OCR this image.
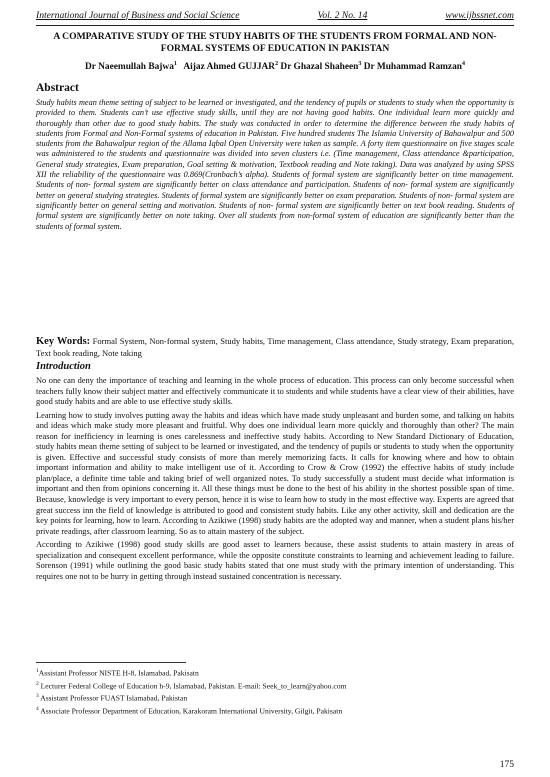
International Journal of Business and Social Science	Vol. 2 No. 14	www.ijbssnet.com
A COMPARATIVE STUDY OF THE STUDY HABITS OF THE STUDENTS FROM FORMAL AND NON-FORMAL SYSTEMS OF EDUCATION IN PAKISTAN
Dr Naeemullah Bajwa$^1$ Aijaz Ahmed GUJJAR$^2$ Dr Ghazal Shaheen$^3$ Dr Muhammad Ramzan$^4$
Abstract
Study habits mean theme setting of subject to be learned or investigated, and the tendency of pupils or students to study when the opportunity is provided to them. Students can’t use effective study skills, until they are not having good habits. One individual learn more quickly and thoroughly than other due to good study habits. The study was conducted in order to determine the difference between the study habits of students from Formal and Non-Formal systems of education in Pakistan. Five hundred students The Islamia University of Bahawalpur and 500 students from the Bahawalpur region of the Allama Iqbal Open University were taken as sample. A forty item questionnaire on five stages scale was administered to the students and questionnaire was divided into seven clusters i.e. (Time management, Class attendance &participation, General study strategies, Exam preparation, Goal setting & motivation, Textbook reading and Note taking). Data was analyzed by using SPSS XII the reliability of the questionnaire was 0.869(Cronbach’s alpha). Students of formal system are significantly better on time management. Students of non- formal system are significantly better on class attendance and participation. Students of non- formal system are significantly better on general studying strategies. Students of formal system are significantly better on exam preparation. Students of non- formal system are significantly better on general setting and motivation. Students of non- formal system are significantly better on text book reading. Students of formal system are significantly better on note taking. Over all students from non-formal system of education are significantly better than the students of formal system.
Key Words: Formal System, Non-formal system, Study habits, Time management, Class attendance, Study strategy, Exam preparation, Text book reading, Note taking
Introduction

No one can deny the importance of teaching and learning in the whole process of education. This process can only become successful when teachers fully know their subject matter and effectively communicate it to students and while students have a clear view of their abilities, have good study habits and are able to use effective study skills.

Learning how to study involves putting away the habits and ideas which have made study unpleasant and burden some, and talking on habits and ideas which make study more pleasant and fruitful. Why does one individual learn more quickly and thoroughly than other? The main reason for inefficiency in learning is ones carelessness and ineffective study habits. According to New Standard Dictionary of Education, study habits mean theme setting of subject to be learned or investigated, and the tendency of pupils or students to study when the opportunity is given. Effective and successful study consists of more than merely memorizing facts. It calls for knowing where and how to obtain important information and ability to make intelligent use of it. According to Crow & Crow (1992) the effective habits of study include plan/place, a definite time table and taking brief of well organized notes. To study successfully a student must decide what information is important and then from opinions concerning it. All these things must be done to the best of his ability in the shortest possible span of time. Because, knowledge is very important to every person, hence it is wise to learn how to study in the most effective way. Experts are agreed that great success inn the field of knowledge is attributed to good and consistent study habits. Like any other activity, skill and dedication are the key points for learning, how to learn. According to Azikiwe (1998) study habits are the adopted way and manner, when a student plans his/her private readings, after classroom learning. So as to attain mastery of the subject.

According to Azikiwe (1998) good study skills are good asset to learners because, these assist students to attain mastery in areas of specialization and consequent excellent performance, while the opposite constitute constraints to learning and achievement leading to failure. Sorenson (1991) while outlining the good basic study habits stated that one must study with the primary intention of understanding. This requires one not to be hurry in getting through instead sustained concentration is necessary.

$^1$Assistant Professor NISTE H-8, Islamabad, Pakisatn
$^2$ Lecturer Federal College of Education h-9, Islamabad, Pakistan. E-mail: Seek_to_learn@yahoo.com
$^3$ Assistant Professor FUAST Islamabad, Pakistan
$^4$ Associate Professor Department of Education, Karakoram International University, Gilgit, Pakisatn
175
